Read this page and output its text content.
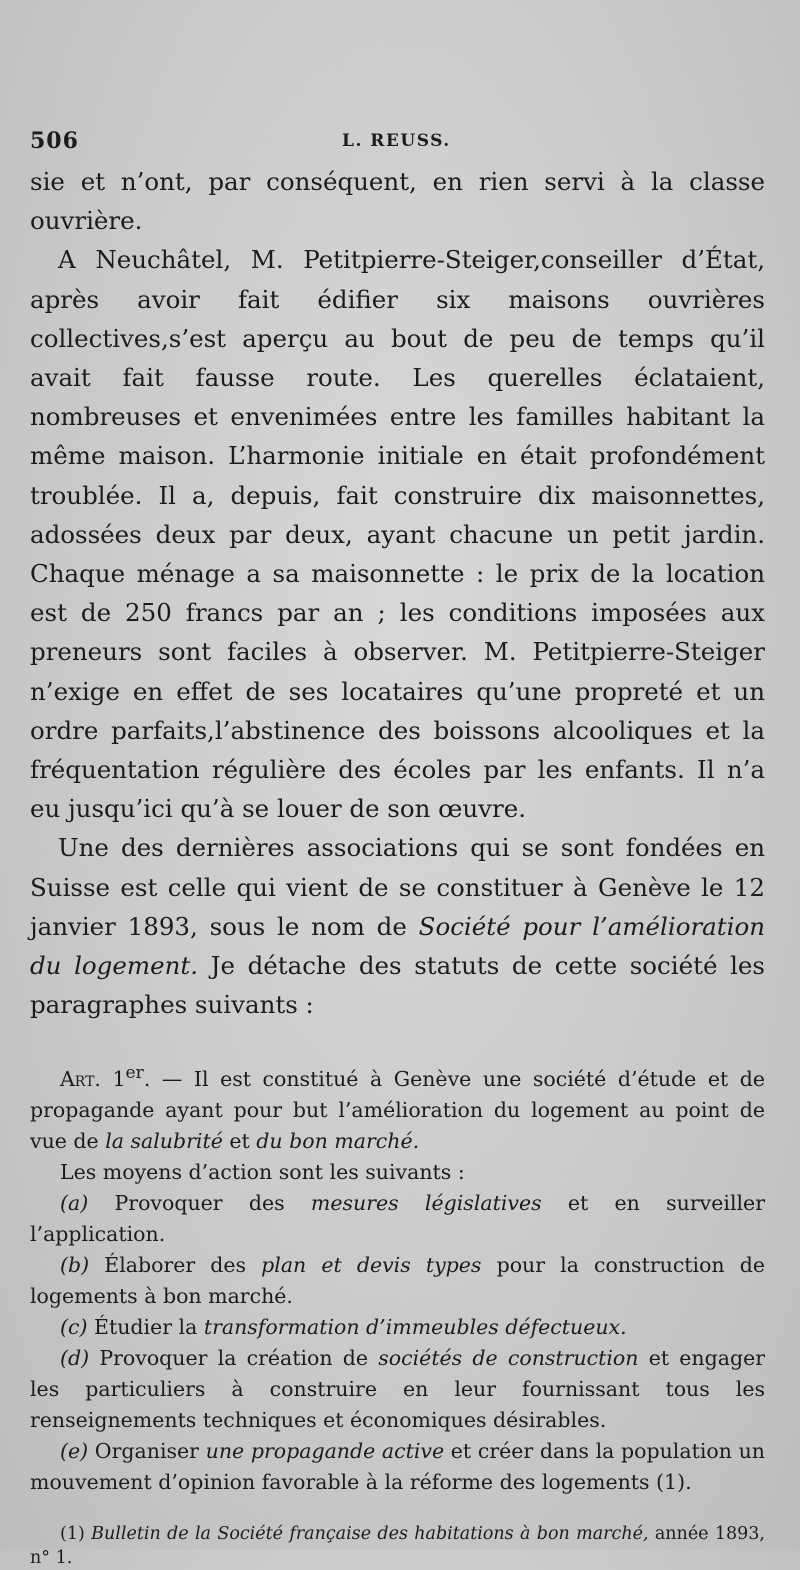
506	L. REUSS.

sie et n’ont, par conséquent, en rien servi à la classe ouvrière.

A Neuchâtel, M. Petitpierre-Steiger,conseiller d’État, après avoir fait édifier six maisons ouvrières collectives,s’est aperçu au bout de peu de temps qu’il avait fait fausse route. Les querelles éclataient, nombreuses et envenimées entre les familles habitant la même maison. L’harmonie initiale en était profondément troublée. Il a, depuis, fait construire dix maisonnettes, adossées deux par deux, ayant chacune un petit jardin. Chaque ménage a sa maisonnette : le prix de la location est de 250 francs par an ; les conditions imposées aux preneurs sont faciles à observer. M. Petitpierre-Steiger n’exige en effet de ses locataires qu’une propreté et un ordre parfaits,l’abstinence des boissons alcooliques et la fréquentation régulière des écoles par les enfants. Il n’a eu jusqu’ici qu’à se louer de son œuvre.

Une des dernières associations qui se sont fondées en Suisse est celle qui vient de se constituer à Genève le 12 janvier 1893, sous le nom de Société pour l’amélioration du logement. Je détache des statuts de cette société les paragraphes suivants :

Art. 1er. — Il est constitué à Genève une société d’étude et de propagande ayant pour but l’amélioration du logement au point de vue de la salubrité et du bon marché.

Les moyens d’action sont les suivants :

(a) Provoquer des mesures législatives et en surveiller l’application.

(b) Élaborer des plan et devis types pour la construction de logements à bon marché.

(c) Étudier la transformation d’immeubles défectueux.

(d) Provoquer la création de sociétés de construction et engager les particuliers à construire en leur fournissant tous les renseignements techniques et économiques désirables.

(e) Organiser une propagande active et créer dans la population un mouvement d’opinion favorable à la réforme des logements (1).

(1) Bulletin de la Société française des habitations à bon marché, année 1893, n° 1.
